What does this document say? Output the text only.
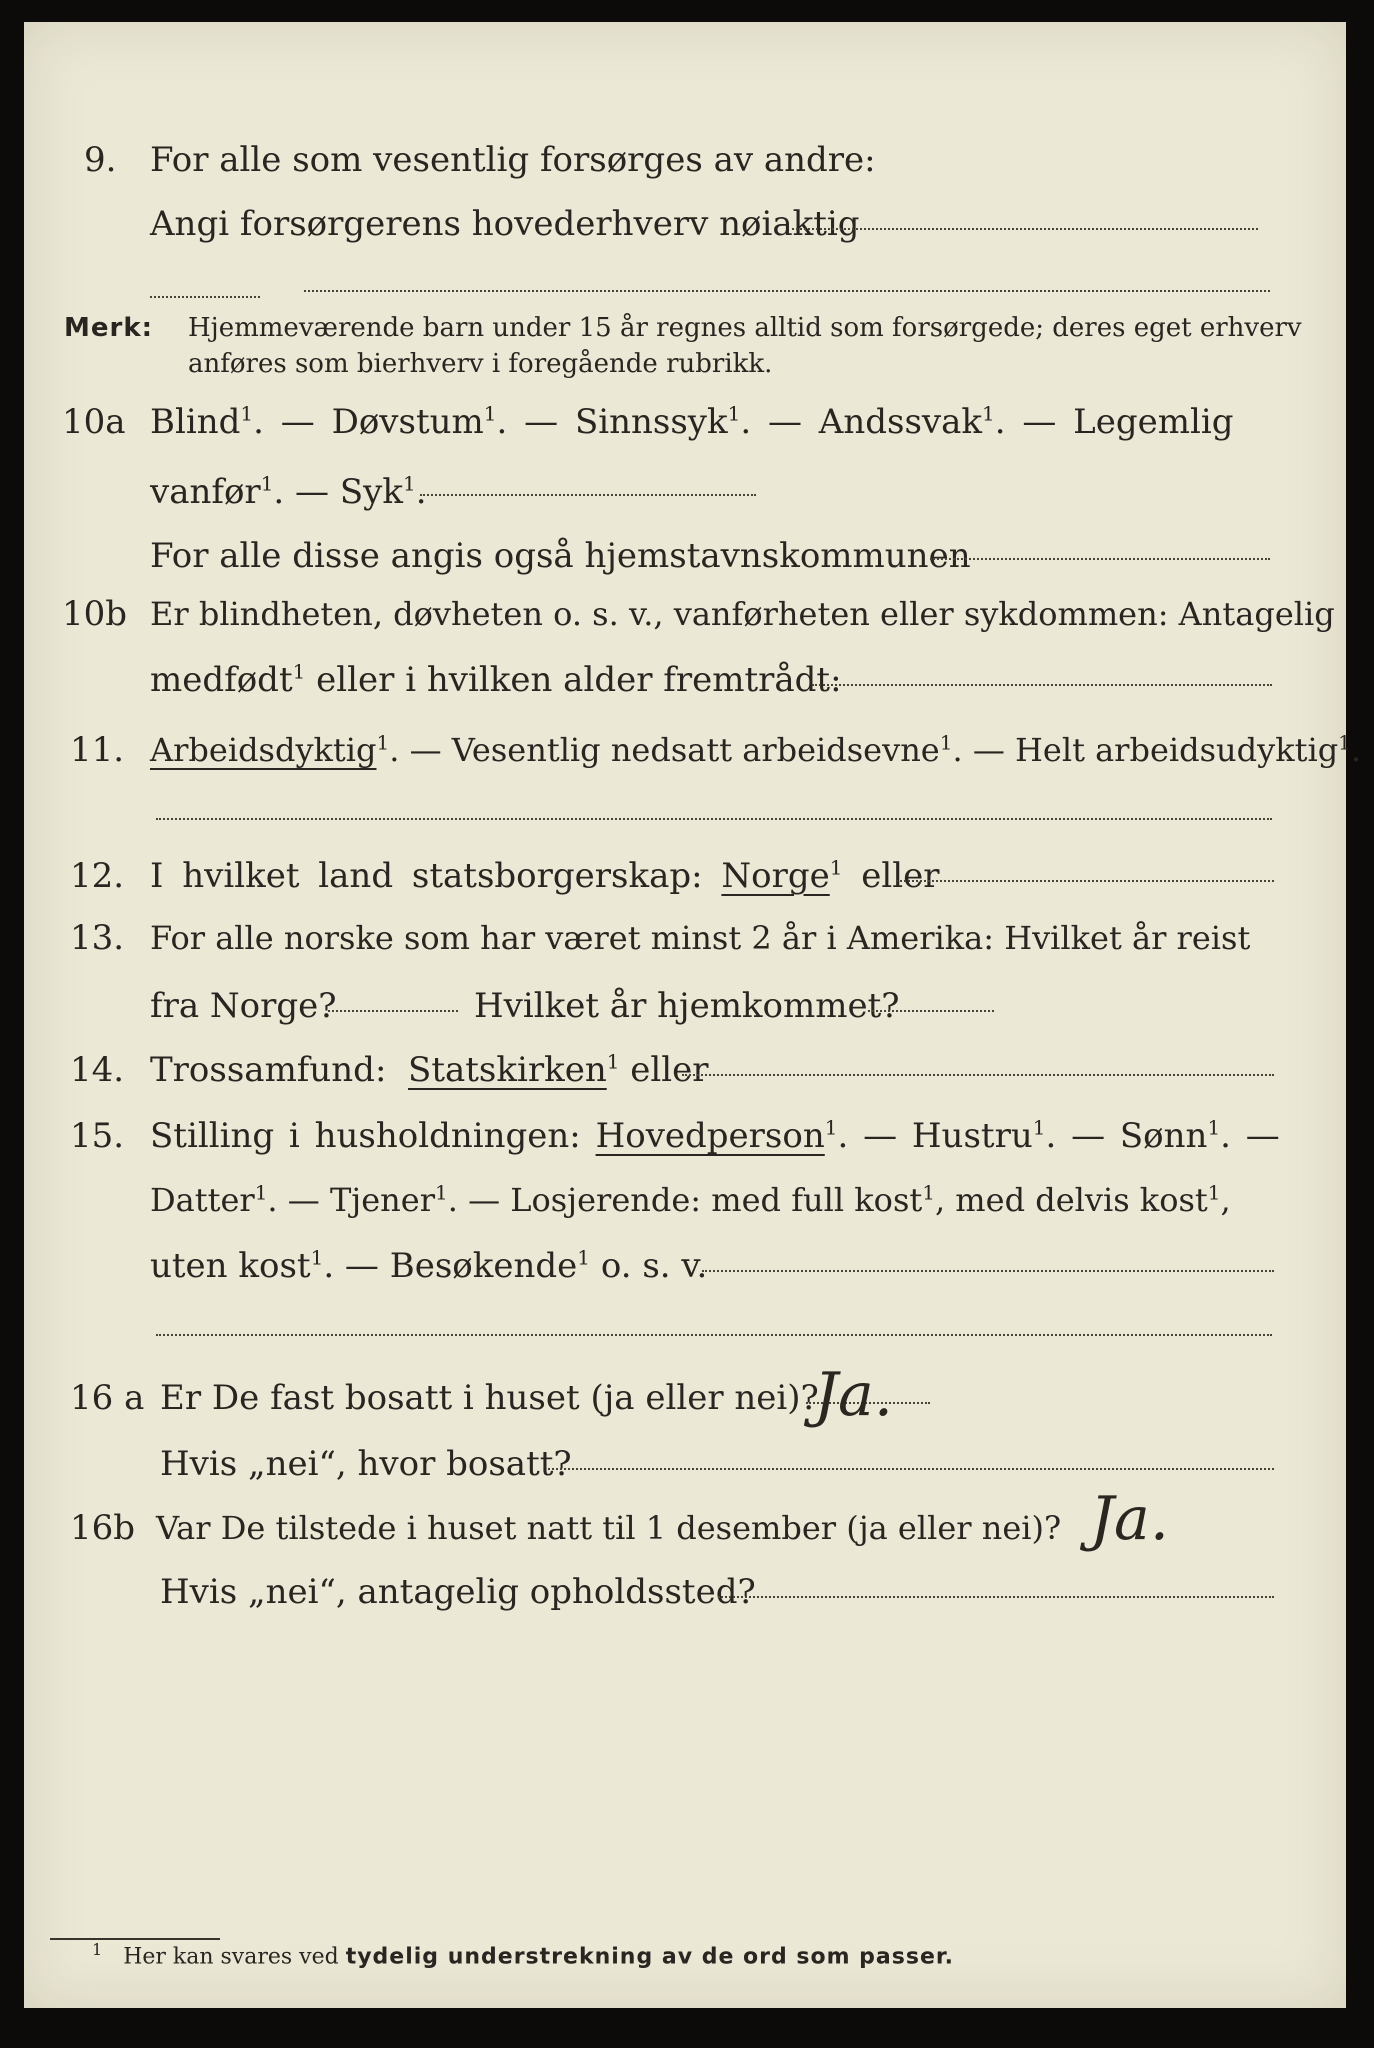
9. For alle som vesentlig forsørges av andre:
Angi forsørgerens hovederhverv nøiaktig
Merk: Hjemmeværende barn under 15 år regnes alltid som forsørgede; deres eget erhverv
anføres som bierhverv i foregående rubrikk.
10a Blind$^1$. — Døvstum$^1$. — Sinnssyk$^1$. — Andssvak$^1$. — Legemlig
vanfør$^1$. — Syk$^1$.
For alle disse angis også hjemstavnskommunen
10b Er blindheten, døvheten o. s. v., vanførheten eller sykdommen: Antagelig
medfødt$^1$ eller i hvilken alder fremtrådt:
11. Arbeidsdyktig$^1$. — Vesentlig nedsatt arbeidsevne$^1$. — Helt arbeidsudyktig$^1$.
12. I hvilket land statsborgerskap: Norge$^1$ eller
13. For alle norske som har været minst 2 år i Amerika: Hvilket år reist
fra Norge?	Hvilket år hjemkommet?
14. Trossamfund: Statskirken$^1$ eller
15. Stilling i husholdningen: Hovedperson$^1$. — Hustru$^1$. — Sønn$^1$. —
Datter$^1$. — Tjener$^1$. — Losjerende: med full kost$^1$, med delvis kost$^1$,
uten kost$^1$. — Besøkende$^1$ o. s. v.
16 a Er De fast bosatt i huset (ja eller nei)?
Ja.
Hvis „nei“, hvor bosatt?
16b Var De tilstede i huset natt til 1 desember (ja eller nei)? Ja.
Hvis „nei“, antagelig opholdssted?
$^1$ Her kan svares ved tydelig understrekning av de ord som passer.
